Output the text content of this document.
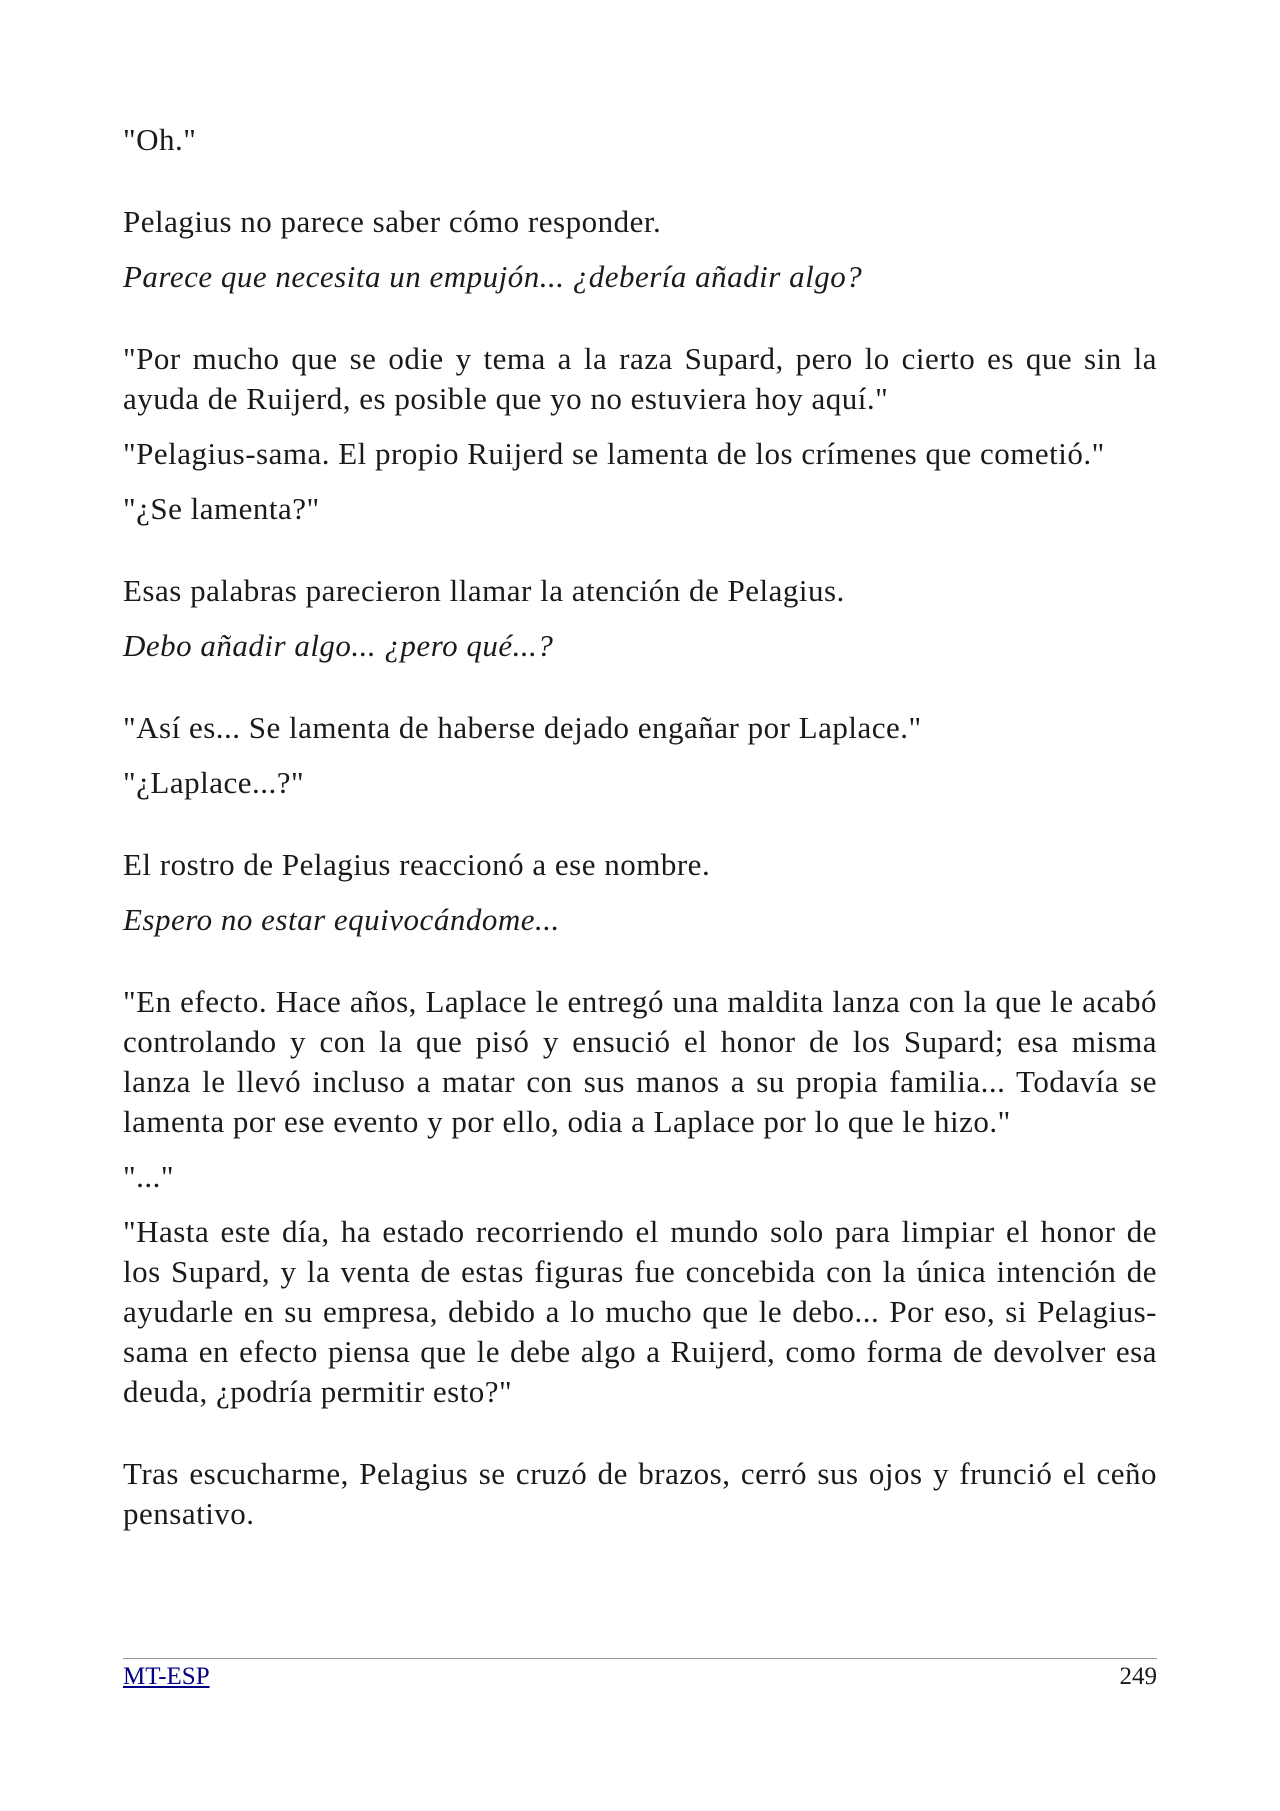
"Oh."

Pelagius no parece saber cómo responder.

Parece que necesita un empujón... ¿debería añadir algo?

"Por mucho que se odie y tema a la raza Supard, pero lo cierto es que sin la ayuda de Ruijerd, es posible que yo no estuviera hoy aquí."

"Pelagius-sama. El propio Ruijerd se lamenta de los crímenes que cometió."

"¿Se lamenta?"

Esas palabras parecieron llamar la atención de Pelagius.

Debo añadir algo... ¿pero qué...?

"Así es... Se lamenta de haberse dejado engañar por Laplace."

"¿Laplace...?"

El rostro de Pelagius reaccionó a ese nombre.

Espero no estar equivocándome...

"En efecto. Hace años, Laplace le entregó una maldita lanza con la que le acabó controlando y con la que pisó y ensució el honor de los Supard; esa misma lanza le llevó incluso a matar con sus manos a su propia familia... Todavía se lamenta por ese evento y por ello, odia a Laplace por lo que le hizo."

"..."

"Hasta este día, ha estado recorriendo el mundo solo para limpiar el honor de los Supard, y la venta de estas figuras fue concebida con la única intención de ayudarle en su empresa, debido a lo mucho que le debo... Por eso, si Pelagius-sama en efecto piensa que le debe algo a Ruijerd, como forma de devolver esa deuda, ¿podría permitir esto?"

Tras escucharme, Pelagius se cruzó de brazos, cerró sus ojos y frunció el ceño pensativo.

MT-ESP	249
